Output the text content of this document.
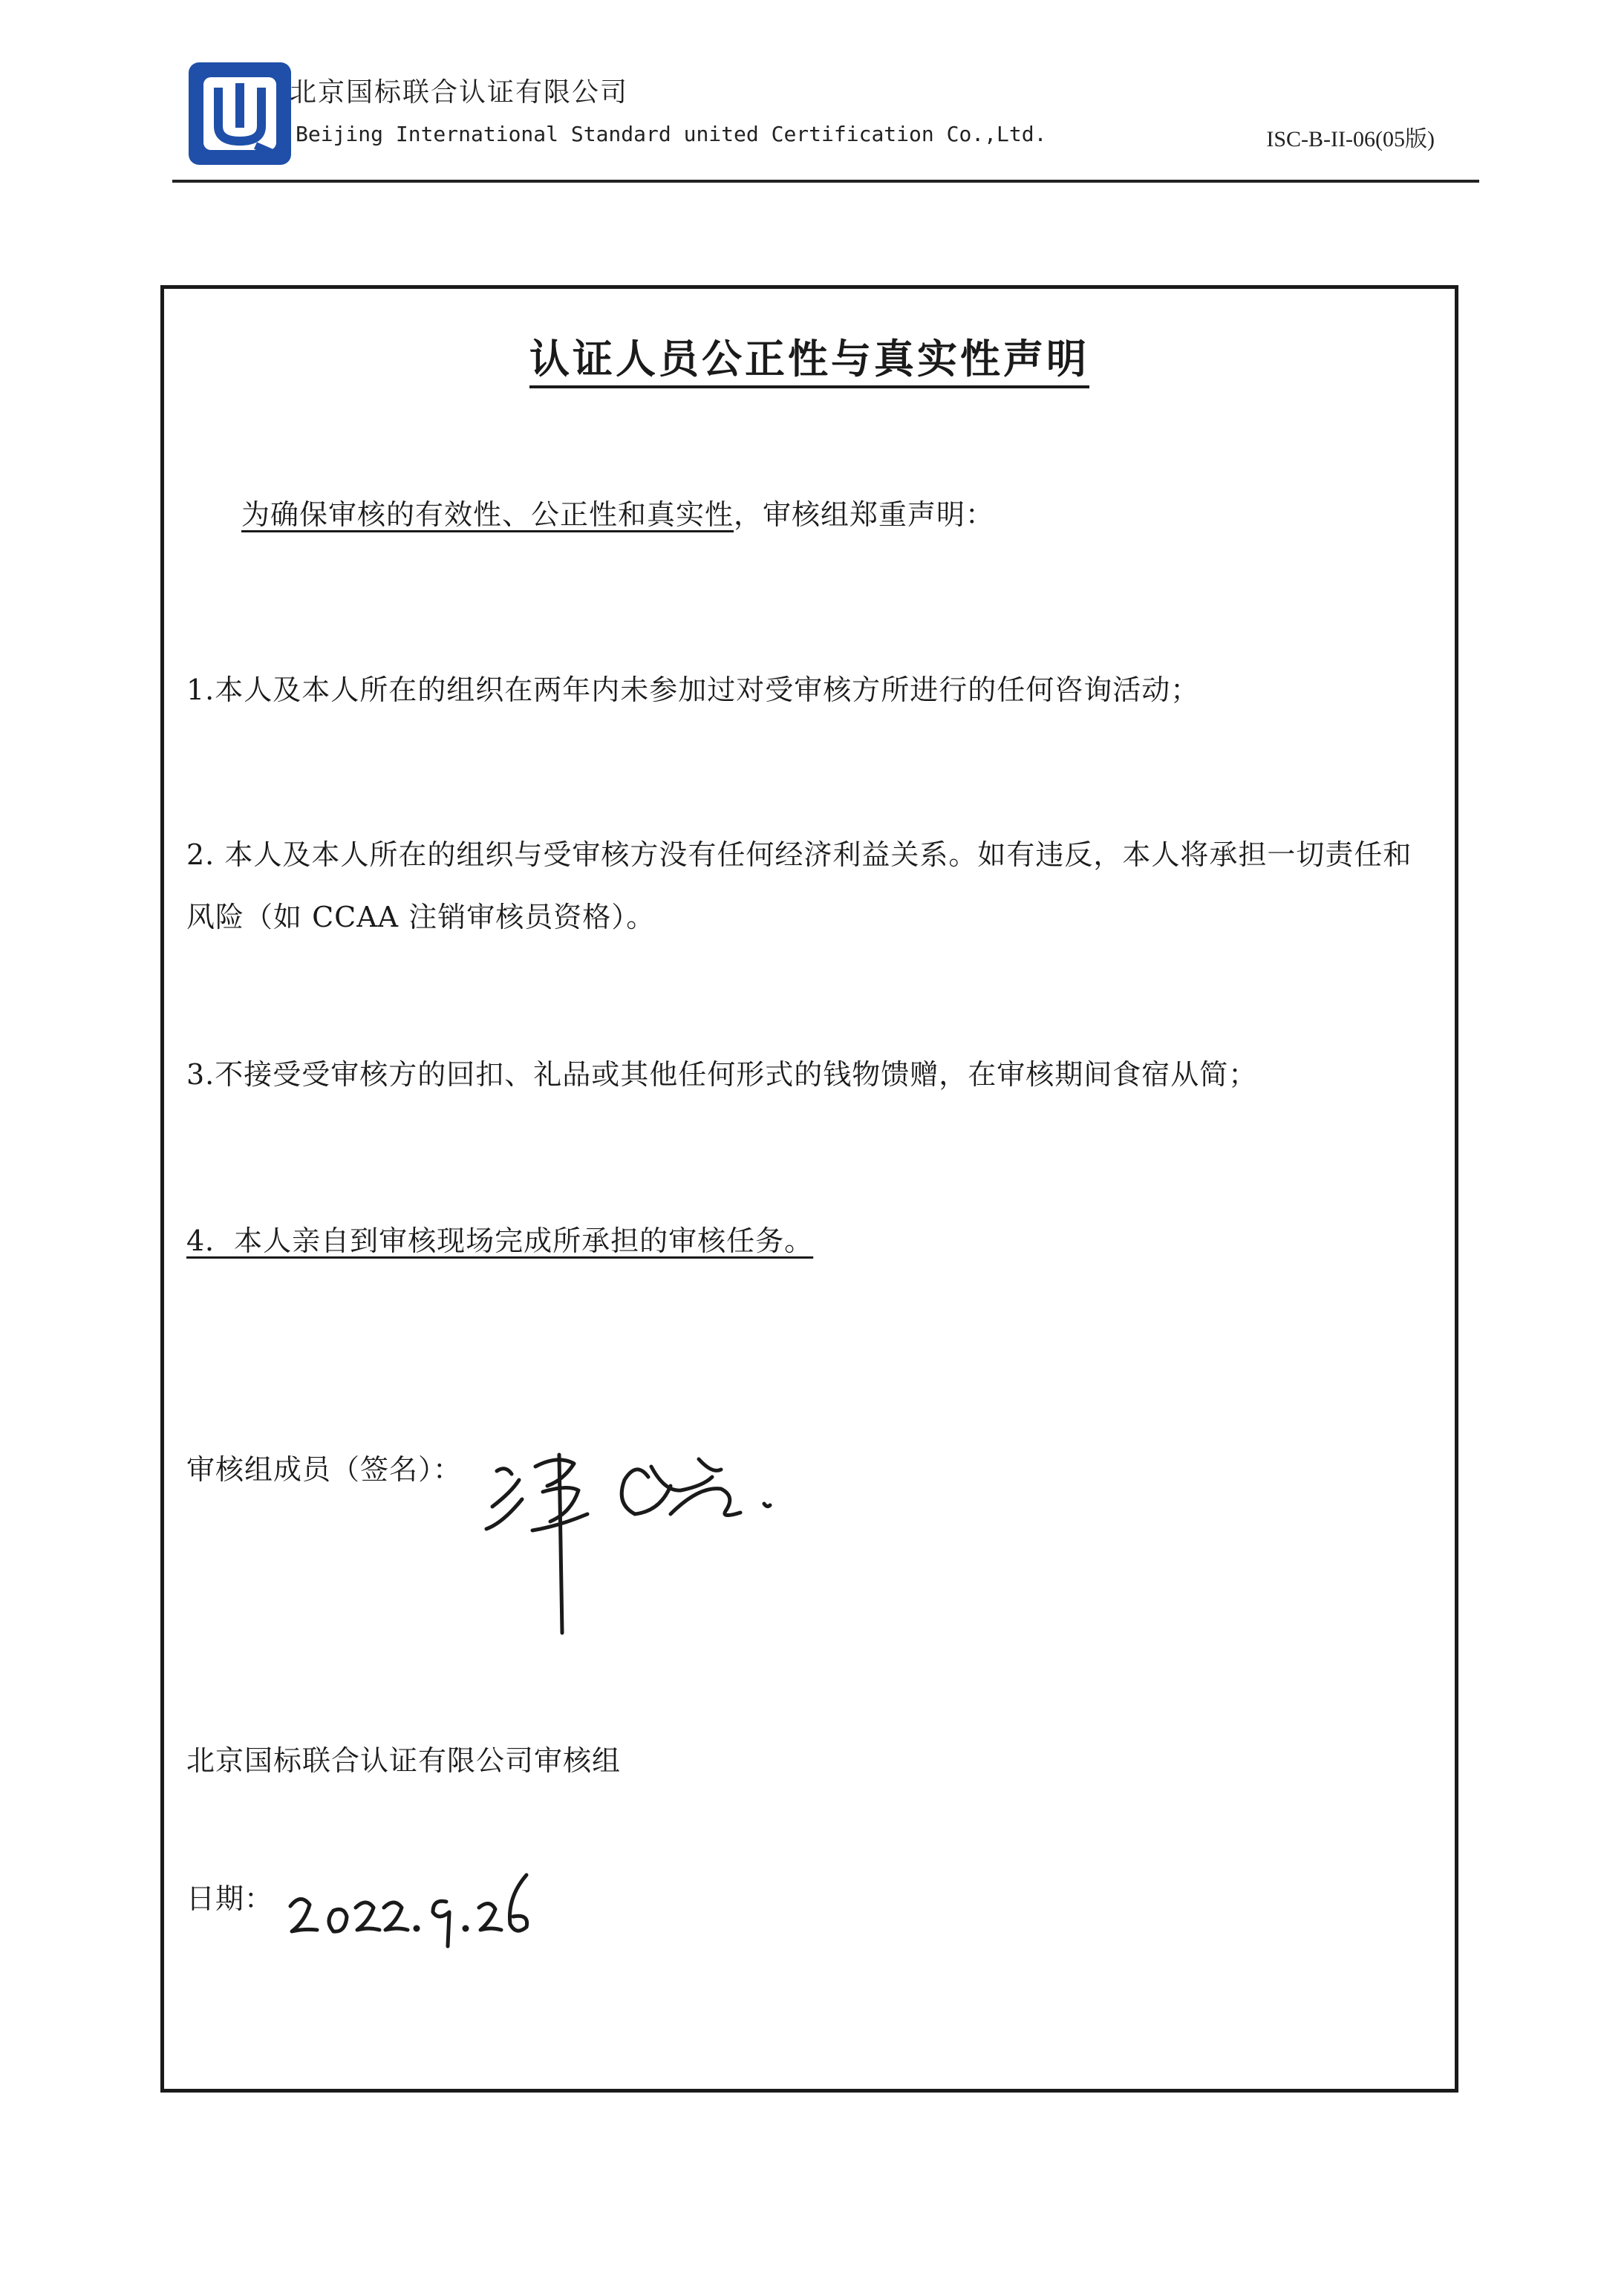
北京国标联合认证有限公司
Beijing International Standard united Certification Co.,Ltd.	ISC-B-II-06(05版)
认证人员公正性与真实性声明
为确保审核的有效性、公正性和真实性，审核组郑重声明：
1.本人及本人所在的组织在两年内未参加过对受审核方所进行的任何咨询活动；
2. 本人及本人所在的组织与受审核方没有任何经济利益关系。如有违反，本人将承担一切责任和
风险（如 CCAA 注销审核员资格）。
3.不接受受审核方的回扣、礼品或其他任何形式的钱物馈赠，在审核期间食宿从简；
4．本人亲自到审核现场完成所承担的审核任务。
审核组成员（签名）：
北京国标联合认证有限公司审核组
日期：
